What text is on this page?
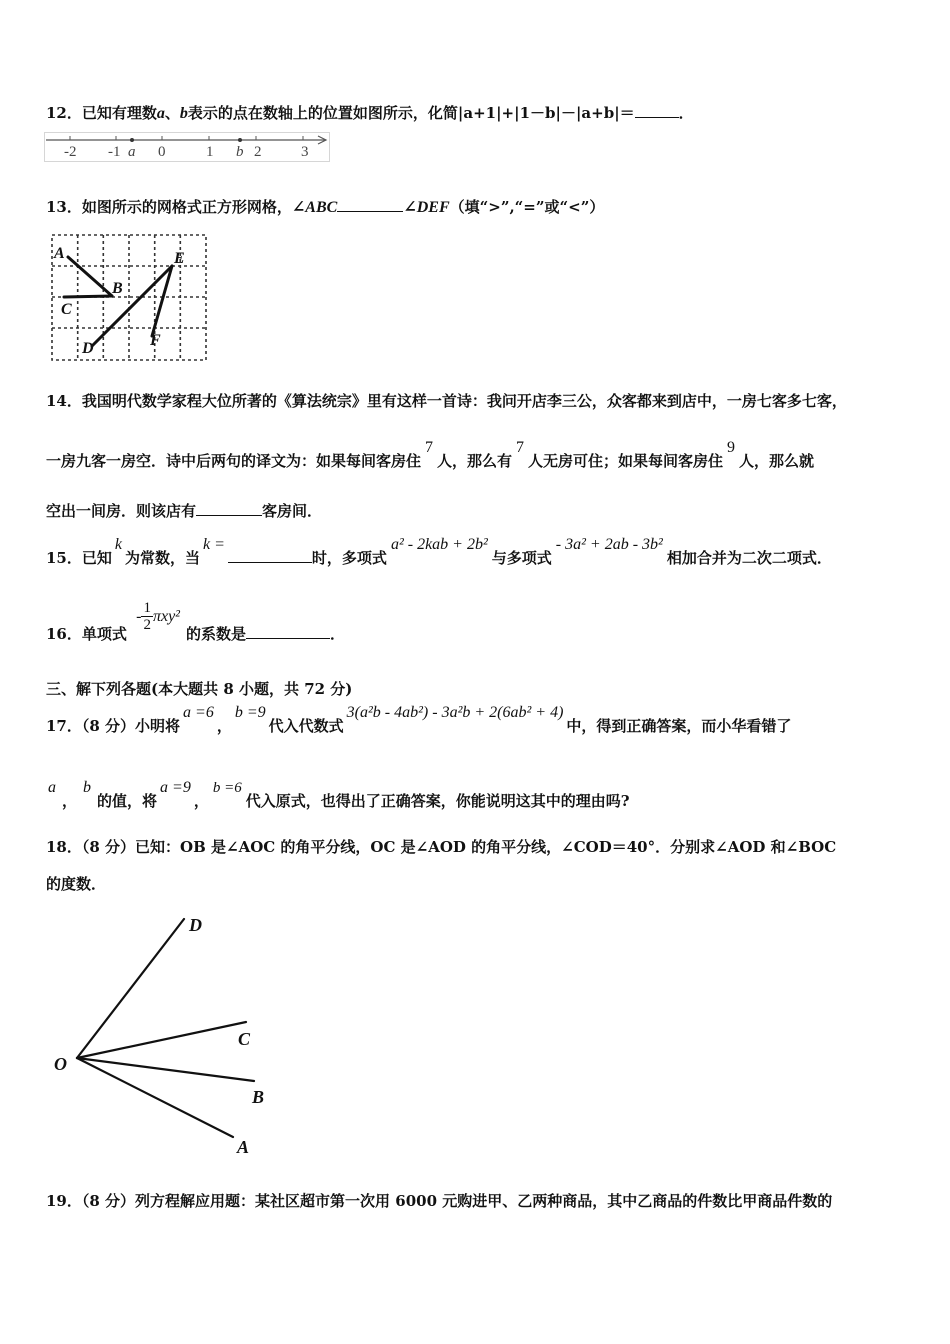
12．已知有理数a、b表示的点在数轴上的位置如图所示，化简|a+1|+|1－b|－|a+b|＝	．
-2 -1 a 0	1 b 2	3
13．如图所示的网格式正方形网格，∠ABC	∠DEF（填“>”,“=”或“<”）
A
B
C
D
E
F
14．我国明代数学家程大位所著的《算法统宗》里有这样一首诗：我问开店李三公，众客都来到店中，一房七客多七客，
一房九客一房空．诗中后两句的译文为：如果每间客房住7人，那么有7人无房可住；如果每间客房住9人，那么就
空出一间房．则该店有	客房间．
15．已知k为常数，当k =时，多项式a² - 2kab + 2b²与多项式- 3a² + 2ab - 3b²相加合并为二次二项式．
16．单项式 - $\frac{1}{2} \pi xy^2$的系数是	．
三、解下列各题(本大题共 8 小题，共 72 分)
17．（8 分）小明将a =6，b =9代入代数式3(a²b - 4ab²) - 3a²b + 2(6ab² + 4)中，得到正确答案，而小华看错了
a，b的值，将a =9，b =6代入原式，也得出了正确答案，你能说明这其中的理由吗?
18．（8 分）已知：OB 是∠AOC 的角平分线，OC 是∠AOD 的角平分线，∠COD＝40°．分别求∠AOD 和∠BOC
的度数．
O
A
B
C
D
19．（8 分）列方程解应用题：某社区超市第一次用 6000 元购进甲、乙两种商品，其中乙商品的件数比甲商品件数的
